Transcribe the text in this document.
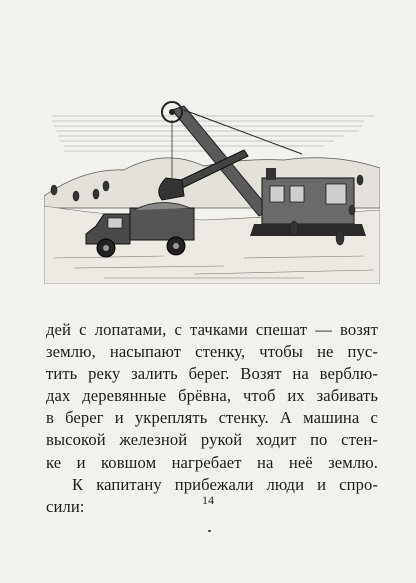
дей с лопатами, с тачками спешат — возят
землю, насыпают стенку, чтобы не пус-
тить реку залить берег. Возят на верблю-
дах деревянные брёвна, чтоб их забивать
в берег и укреплять стенку. А машина с
высокой железной рукой ходит по стен-
ке и ковшом нагребает на неё землю.
К капитану прибежали люди и спро-
сили:	14
